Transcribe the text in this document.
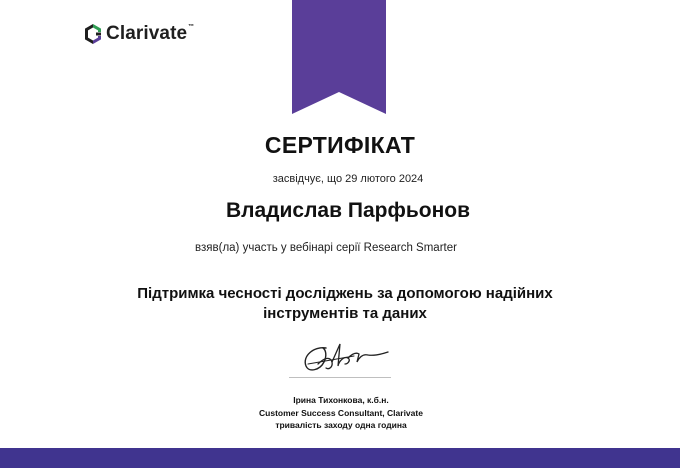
Clarivate ™
СЕРТИФІКАТ
засвідчує, що 29 лютого 2024
Владислав Парфьонов
взяв(ла) участь у вебінарі серії Research Smarter
Підтримка чесності досліджень за допомогою надійних
інструментів та даних
Ірина Тихонкова, к.б.н.
Customer Success Consultant, Clarivate
тривалість заходу одна година
